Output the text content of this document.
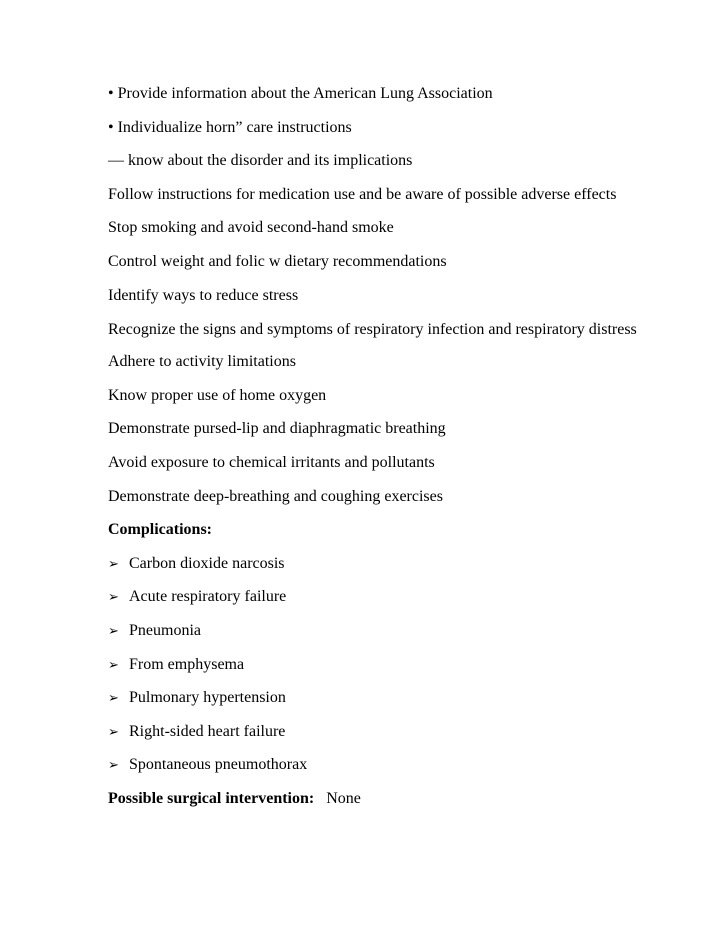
• Provide information about the American Lung Association

• Individualize horn” care instructions

— know about the disorder and its implications

Follow instructions for medication use and be aware of possible adverse effects

Stop smoking and avoid second-hand smoke

Control weight and folic w dietary recommendations

Identify ways to reduce stress

Recognize the signs and symptoms of respiratory infection and respiratory distress

Adhere to activity limitations

Know proper use of home oxygen

Demonstrate pursed-lip and diaphragmatic breathing

Avoid exposure to chemical irritants and pollutants

Demonstrate deep-breathing and coughing exercises

Complications:

➢ Carbon dioxide narcosis
➢ Acute respiratory failure
➢ Pneumonia
➢ From emphysema
➢ Pulmonary hypertension
➢ Right-sided heart failure
➢ Spontaneous pneumothorax

Possible surgical intervention: None
